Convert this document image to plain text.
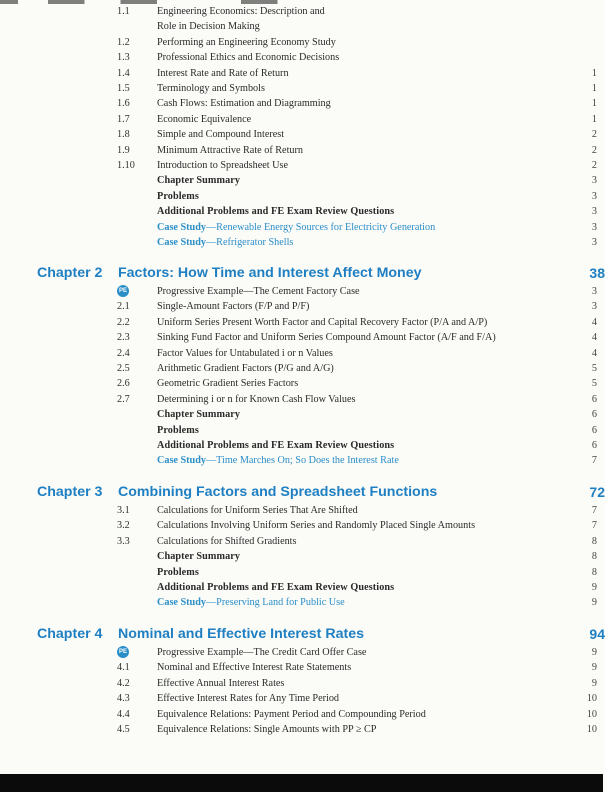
1.1	Engineering Economics: Description and
Role in Decision Making
1.2	Performing an Engineering Economy Study
1.3	Professional Ethics and Economic Decisions
1.4	Interest Rate and Rate of Return	1
1.5	Terminology and Symbols	1
1.6	Cash Flows: Estimation and Diagramming	1
1.7	Economic Equivalence	1
1.8	Simple and Compound Interest	2
1.9	Minimum Attractive Rate of Return	2
1.10 Introduction to Spreadsheet Use	2
Chapter Summary	3
Problems	3
Additional Problems and FE Exam Review Questions	3
Case Study—Renewable Energy Sources for Electricity Generation	3
Case Study—Refrigerator Shells	3
Chapter 2 Factors: How Time and Interest Affect Money	38
PE	Progressive Example—The Cement Factory Case	3
2.1	Single-Amount Factors (F/P and P/F)	3
2.2	Uniform Series Present Worth Factor and Capital Recovery Factor (P/A and A/P)	4
2.3	Sinking Fund Factor and Uniform Series Compound Amount Factor (A/F and F/A)	4
2.4	Factor Values for Untabulated i or n Values	4
2.5	Arithmetic Gradient Factors (P/G and A/G)	5
2.6	Geometric Gradient Series Factors	5
2.7	Determining i or n for Known Cash Flow Values	6
Chapter Summary	6
Problems	6
Additional Problems and FE Exam Review Questions	6
Case Study—Time Marches On; So Does the Interest Rate	7
Chapter 3 Combining Factors and Spreadsheet Functions	72
3.1	Calculations for Uniform Series That Are Shifted	7
3.2	Calculations Involving Uniform Series and Randomly Placed Single Amounts	7
3.3	Calculations for Shifted Gradients	8
Chapter Summary	8
Problems	8
Additional Problems and FE Exam Review Questions	9
Case Study—Preserving Land for Public Use	9
Chapter 4 Nominal and Effective Interest Rates	94
PE	Progressive Example—The Credit Card Offer Case	9
4.1	Nominal and Effective Interest Rate Statements	9
4.2	Effective Annual Interest Rates	9
4.3	Effective Interest Rates for Any Time Period	10
4.4	Equivalence Relations: Payment Period and Compounding Period	10
4.5	Equivalence Relations: Single Amounts with PP ≥ CP	10
